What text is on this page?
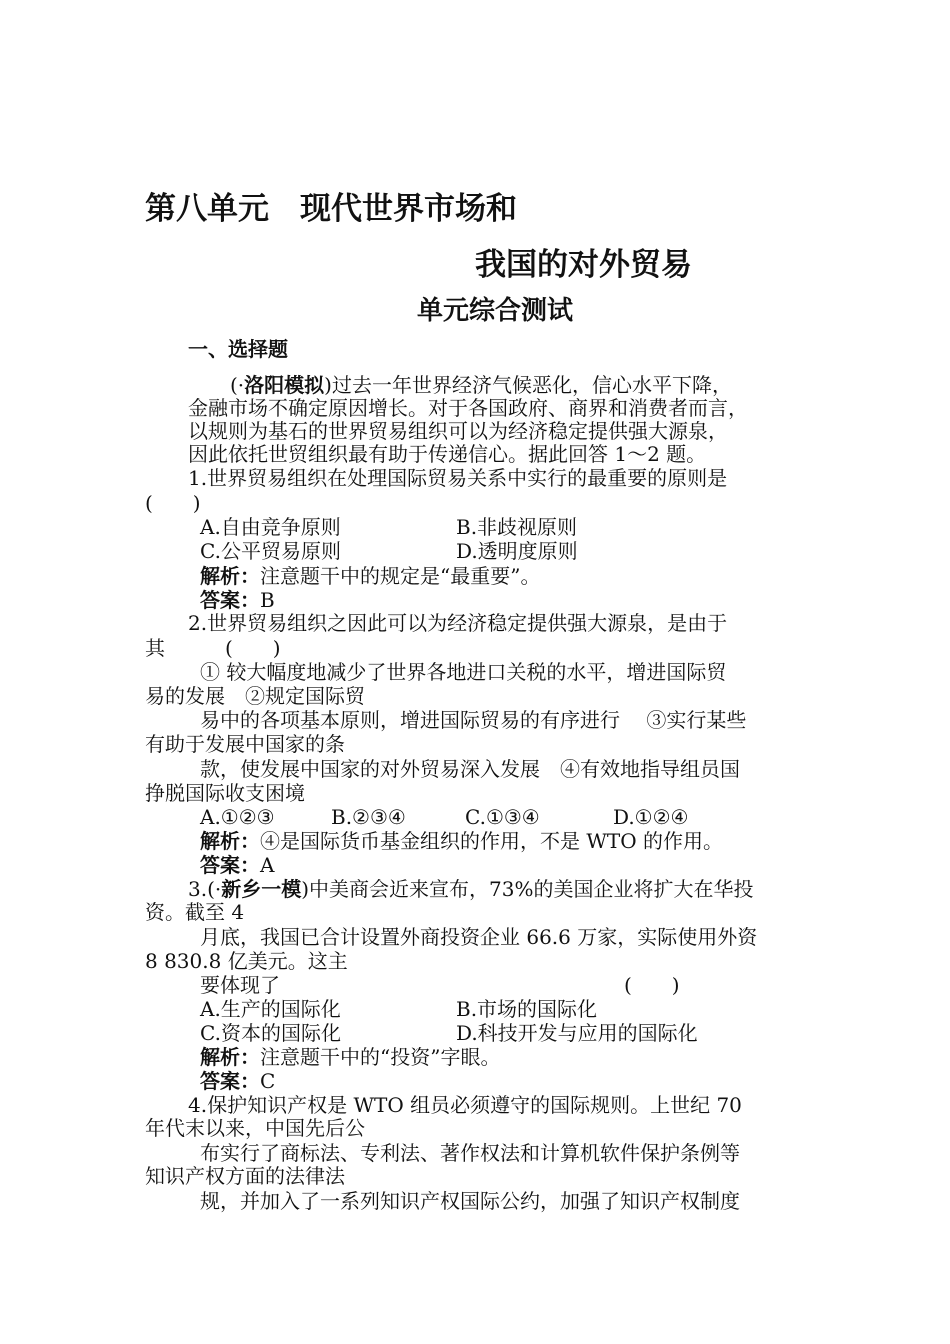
第八单元　现代世界市场和
我国的对外贸易
单元综合测试
一、选择题
(·洛阳模拟)过去一年世界经济气候恶化，信心水平下降，
金融市场不确定原因增长。对于各国政府、商界和消费者而言，
以规则为基石的世界贸易组织可以为经济稳定提供强大源泉，
因此依托世贸组织最有助于传递信心。据此回答 1～2 题。
1.世界贸易组织在处理国际贸易关系中实行的最重要的原则是
(　　)
A.自由竞争原则	B.非歧视原则
C.公平贸易原则	D.透明度原则
解析：注意题干中的规定是“最重要”。
答案：B
2.世界贸易组织之因此可以为经济稳定提供强大源泉，是由于
其　　　(　　)
① 较大幅度地减少了世界各地进口关税的水平，增进国际贸
易的发展　②规定国际贸
易中的各项基本原则，增进国际贸易的有序进行　 ③实行某些
有助于发展中国家的条
款，使发展中国家的对外贸易深入发展　④有效地指导组员国
挣脱国际收支困境
A.①②③	B.②③④	C.①③④	D.①②④
解析：④是国际货币基金组织的作用，不是 WTO 的作用。
答案：A
3.(·新乡一模)中美商会近来宣布，73%的美国企业将扩大在华投
资。截至 4
月底，我国已合计设置外商投资企业 66.6 万家，实际使用外资
8 830.8 亿美元。这主
要体现了	(　　)
A.生产的国际化	B.市场的国际化
C.资本的国际化	D.科技开发与应用的国际化
解析：注意题干中的“投资”字眼。
答案：C
4.保护知识产权是 WTO 组员必须遵守的国际规则。上世纪 70
年代末以来，中国先后公
布实行了商标法、专利法、著作权法和计算机软件保护条例等
知识产权方面的法律法
规，并加入了一系列知识产权国际公约，加强了知识产权制度
